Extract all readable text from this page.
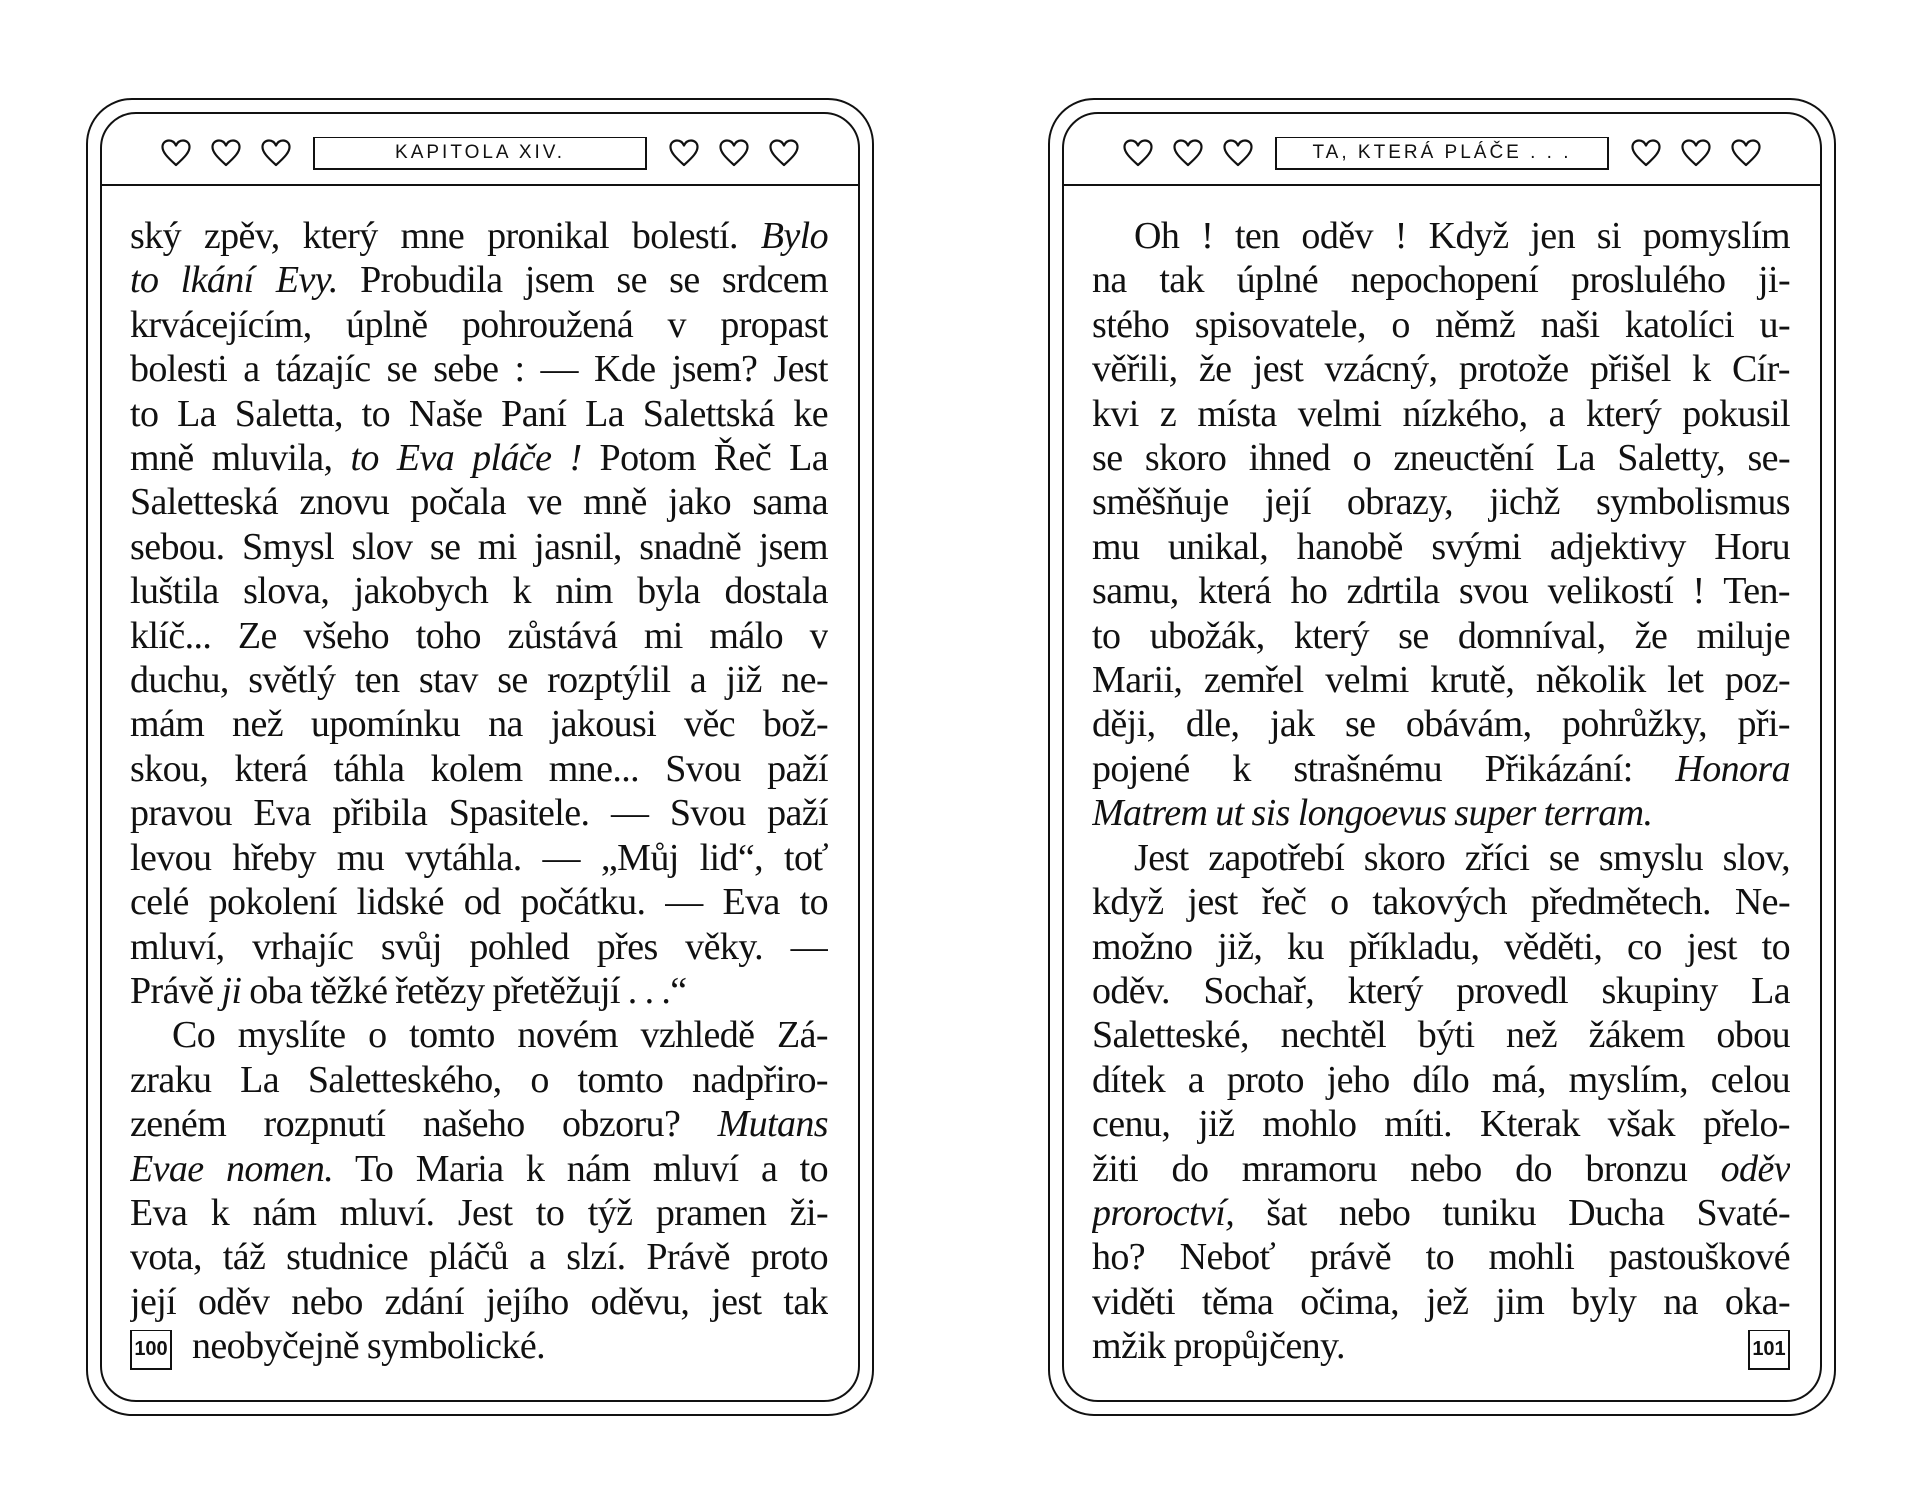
KAPITOLA XIV.
ský zpěv, který mne pronikal bolestí. Bylo
to lkání Evy. Probudila jsem se se srdcem
krvácejícím, úplně pohroužená v propast
bolesti a tázajíc se sebe : — Kde jsem? Jest
to La Saletta, to Naše Paní La Salettská ke
mně mluvila, to Eva pláče ! Potom Řeč La
Saletteská znovu počala ve mně jako sama
sebou. Smysl slov se mi jasnil, snadně jsem
luštila slova, jakobych k nim byla dostala
klíč... Ze všeho toho zůstává mi málo v
duchu, světlý ten stav se rozptýlil a již ne-
mám než upomínku na jakousi věc bož-
skou, která táhla kolem mne... Svou paží
pravou Eva přibila Spasitele. — Svou paží
levou hřeby mu vytáhla. — „Můj lid“, toť
celé pokolení lidské od počátku. — Eva to
mluví, vrhajíc svůj pohled přes věky. —
Právě ji oba těžké řetězy přetěžují . . .“
Co myslíte o tomto novém vzhledě Zá-
zraku La Saletteského, o tomto nadpřiro-
zeném rozpnutí našeho obzoru? Mutans
Evae nomen. To Maria k nám mluví a to
Eva k nám mluví. Jest to týž pramen ži-
vota, táž studnice pláčů a slzí. Právě proto
její oděv nebo zdání jejího oděvu, jest tak
neobyčejně symbolické.
100
TA, KTERÁ PLÁČE . . .
Oh ! ten oděv ! Když jen si pomyslím
na tak úplné nepochopení proslulého ji-
stého spisovatele, o němž naši katolíci u-
věřili, že jest vzácný, protože přišel k Cír-
kvi z místa velmi nízkého, a který pokusil
se skoro ihned o zneuctění La Saletty, se-
směšňuje její obrazy, jichž symbolismus
mu unikal, hanobě svými adjektivy Horu
samu, která ho zdrtila svou velikostí ! Ten-
to ubožák, který se domníval, že miluje
Marii, zemřel velmi krutě, několik let poz-
ději, dle, jak se obávám, pohrůžky, při-
pojené k strašnému Přikázání: Honora
Matrem ut sis longoevus super terram.
Jest zapotřebí skoro zříci se smyslu slov,
když jest řeč o takových předmětech. Ne-
možno již, ku příkladu, věděti, co jest to
oděv. Sochař, který provedl skupiny La
Saletteské, nechtěl býti než žákem obou
dítek a proto jeho dílo má, myslím, celou
cenu, již mohlo míti. Kterak však přelo-
žiti do mramoru nebo do bronzu oděv
proroctví, šat nebo tuniku Ducha Svaté-
ho? Neboť právě to mohli pastouškové
viděti těma očima, jež jim byly na oka-
mžik propůjčeny.	101
